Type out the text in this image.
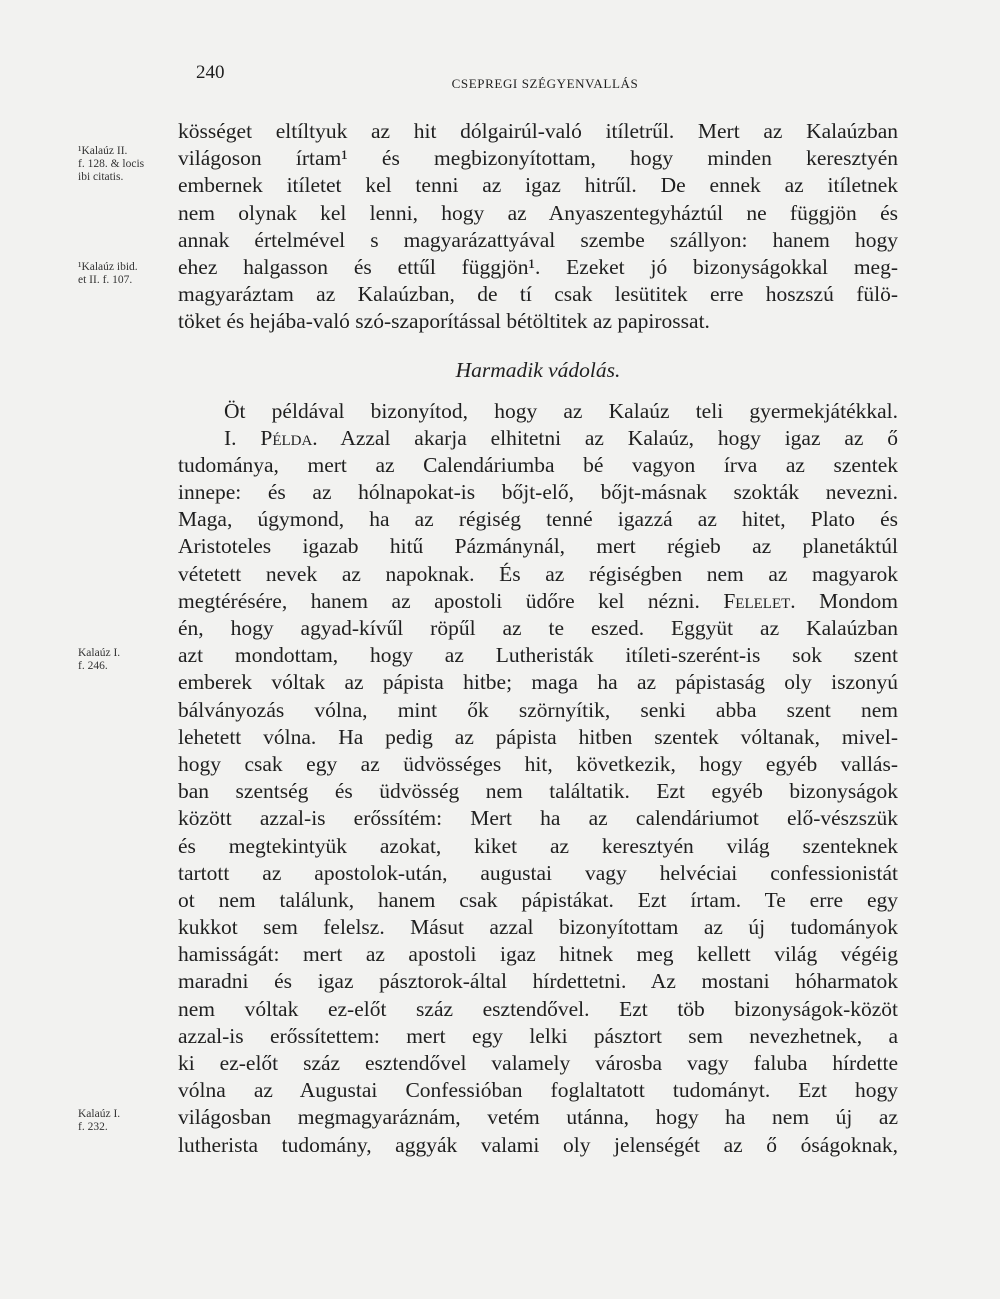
240
CSEPREGI SZÉGYENVALLÁS
¹Kalaúz II.
f. 128. & locis
ibi citatis.
¹Kalaúz ibid.
et II. f. 107.
Kalaúz I.
f. 246.
Kalaúz I.
f. 232.
kösséget eltíltyuk az hit dólgairúl-való itíletrűl. Mert az Kalaúzban
világoson írtam¹ és megbizonyítottam, hogy minden keresztyén
embernek itíletet kel tenni az igaz hitrűl. De ennek az itíletnek
nem olynak kel lenni, hogy az Anyaszentegyháztúl ne függjön és
annak értelmével s magyarázattyával szembe szállyon: hanem hogy
ehez halgasson és ettűl függjön¹. Ezeket jó bizonyságokkal meg-
magyaráztam az Kalaúzban, de tí csak lesütitek erre hoszszú fülö-
töket és hejába-való szó-szaporítással bétöltitek az papirossat.
Harmadik vádolás.
Öt példával bizonyítod, hogy az Kalaúz teli gyermekjátékkal.
I. Példa. Azzal akarja elhitetni az Kalaúz, hogy igaz az ő
tudománya, mert az Calendáriumba bé vagyon írva az szentek
innepe: és az hólnapokat-is bőjt-elő, bőjt-másnak szokták nevezni.
Maga, úgymond, ha az régiség tenné igazzá az hitet, Plato és
Aristoteles igazab hitű Pázmánynál, mert régieb az planetáktúl
vétetett nevek az napoknak. És az régiségben nem az magyarok
megtérésére, hanem az apostoli üdőre kel nézni. Felelet. Mondom
én, hogy agyad-kívűl röpűl az te eszed. Eggyüt az Kalaúzban
azt mondottam, hogy az Lutheristák itíleti-szerént-is sok szent
emberek vóltak az pápista hitbe; maga ha az pápistaság oly iszonyú
bálványozás vólna, mint ők szörnyítik, senki abba szent nem
lehetett vólna. Ha pedig az pápista hitben szentek vóltanak, mivel-
hogy csak egy az üdvösséges hit, következik, hogy egyéb vallás-
ban szentség és üdvösség nem találtatik. Ezt egyéb bizonyságok
között azzal-is erőssítém: Mert ha az calendáriumot elő-vészszük
és megtekintyük azokat, kiket az keresztyén világ szenteknek
tartott az apostolok-után, augustai vagy helvéciai confessionistát
ot nem találunk, hanem csak pápistákat. Ezt írtam. Te erre egy
kukkot sem felelsz. Másut azzal bizonyítottam az új tudományok
hamisságát: mert az apostoli igaz hitnek meg kellett világ végéig
maradni és igaz pásztorok-által hírdettetni. Az mostani hóharmatok
nem vóltak ez-előt száz esztendővel. Ezt töb bizonyságok-közöt
azzal-is erőssítettem: mert egy lelki pásztort sem nevezhetnek, a
ki ez-előt száz esztendővel valamely városba vagy faluba hírdette
vólna az Augustai Confessióban foglaltatott tudományt. Ezt hogy
világosban megmagyaráznám, vetém utánna, hogy ha nem új az
lutherista tudomány, aggyák valami oly jelenségét az ő óságoknak,
